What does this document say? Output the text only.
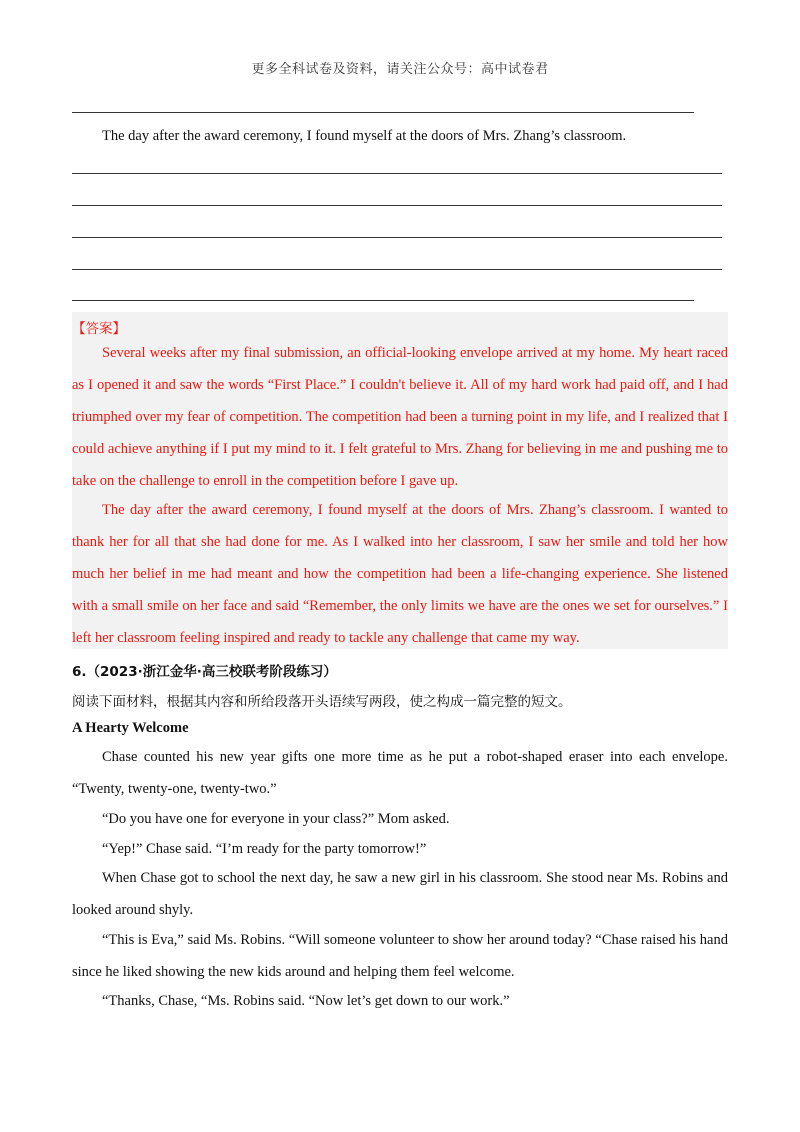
更多全科试卷及资料，请关注公众号：高中试卷君
The day after the award ceremony, I found myself at the doors of Mrs. Zhang’s classroom.
【答案】

Several weeks after my final submission, an official-looking envelope arrived at my home. My heart raced as I opened it and saw the words “First Place.” I couldn't believe it. All of my hard work had paid off, and I had triumphed over my fear of competition. The competition had been a turning point in my life, and I realized that I could achieve anything if I put my mind to it. I felt grateful to Mrs. Zhang for believing in me and pushing me to take on the challenge to enroll in the competition before I gave up.

The day after the award ceremony, I found myself at the doors of Mrs. Zhang’s classroom. I wanted to thank her for all that she had done for me. As I walked into her classroom, I saw her smile and told her how much her belief in me had meant and how the competition had been a life-changing experience. She listened with a small smile on her face and said “Remember, the only limits we have are the ones we set for ourselves.” I left her classroom feeling inspired and ready to tackle any challenge that came my way.

6.（2023·浙江金华·高三校联考阶段练习）
阅读下面材料，根据其内容和所给段落开头语续写两段，使之构成一篇完整的短文。
A Hearty Welcome

Chase counted his new year gifts one more time as he put a robot-shaped eraser into each envelope. “Twenty, twenty-one, twenty-two.”

“Do you have one for everyone in your class?” Mom asked.

“Yep!” Chase said. “I’m ready for the party tomorrow!”

When Chase got to school the next day, he saw a new girl in his classroom. She stood near Ms. Robins and looked around shyly.

“This is Eva,” said Ms. Robins. “Will someone volunteer to show her around today? “Chase raised his hand since he liked showing the new kids around and helping them feel welcome.

“Thanks, Chase, “Ms. Robins said. “Now let’s get down to our work.”
